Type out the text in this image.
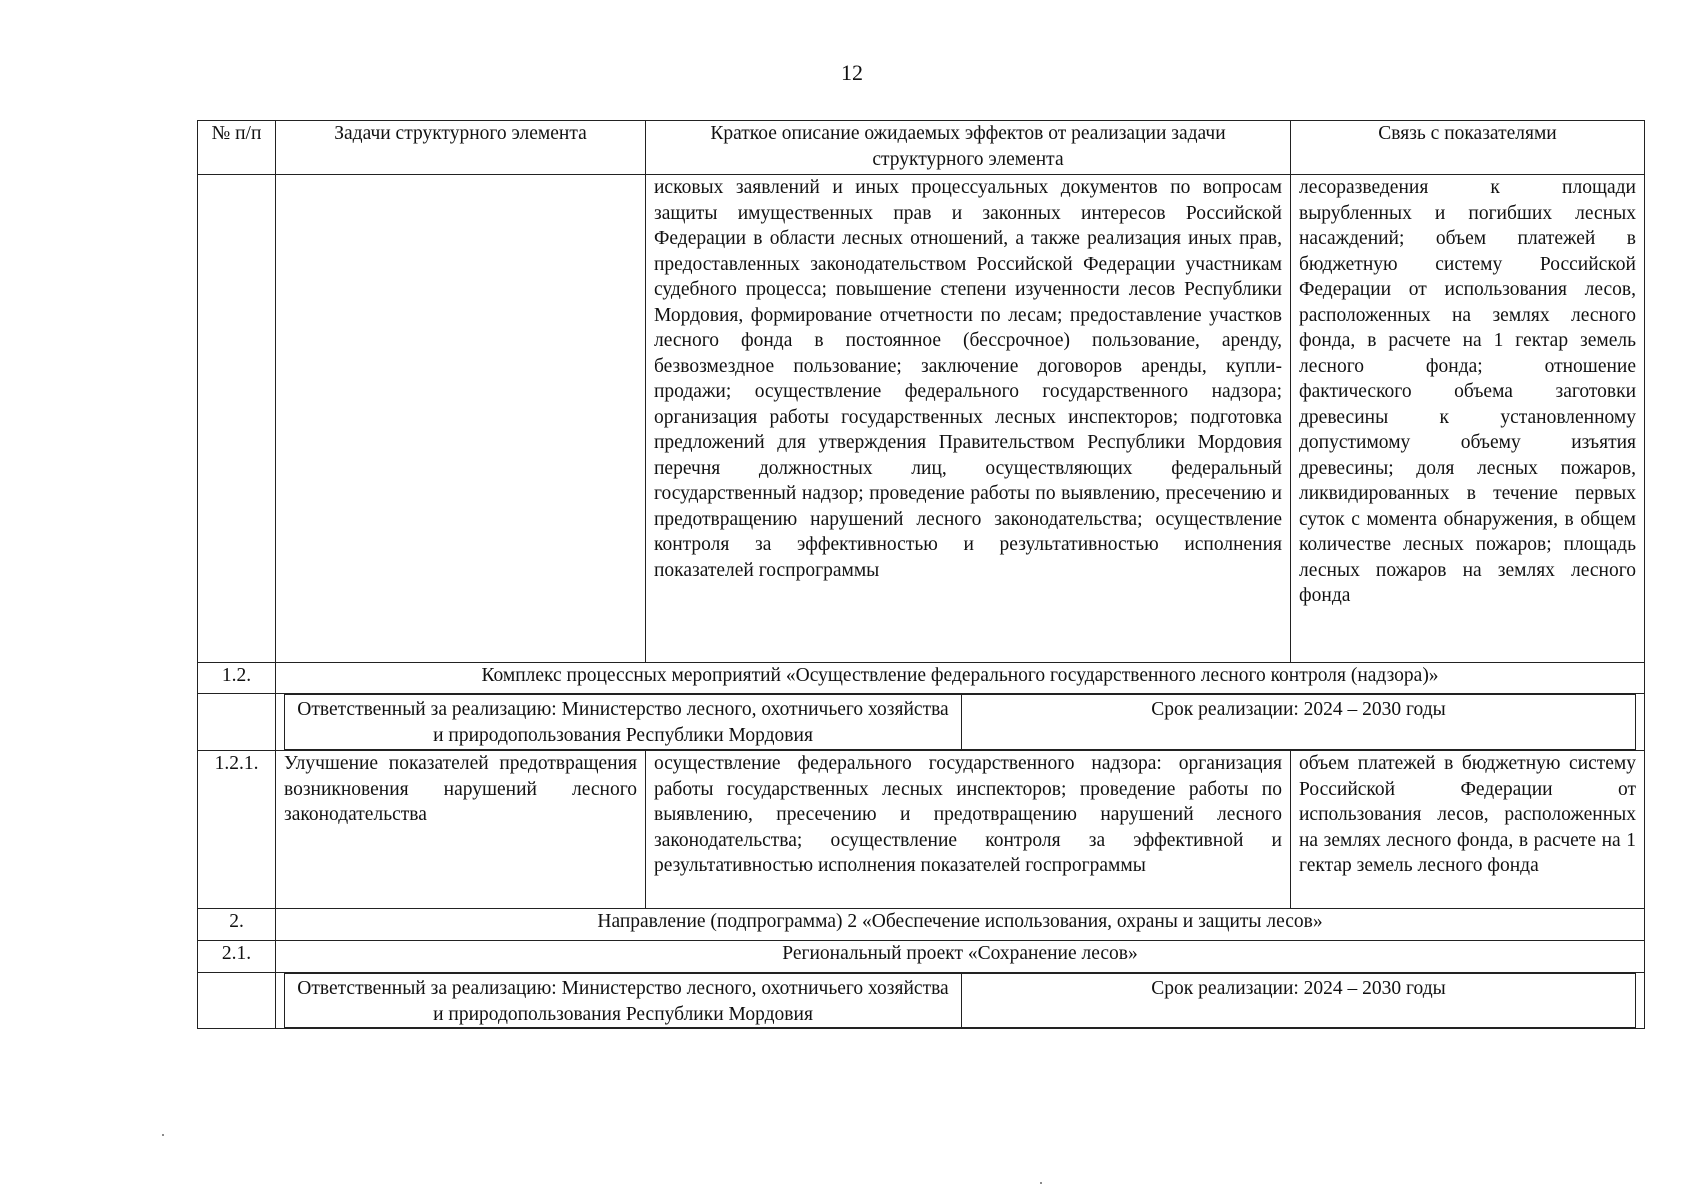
12
№ п/п	Задачи структурного элемента	Краткое описание ожидаемых эффектов от реализации задачи структурного элемента	Связь с показателями
		исковых заявлений и иных процессуальных документов по вопросам защиты имущественных прав и законных интересов Российской Федерации в области лесных отношений, а также реализация иных прав, предоставленных законодательством Российской Федерации участникам судебного процесса; повышение степени изученности лесов Республики Мордовия, формирование отчетности по лесам; предоставление участков лесного фонда в постоянное (бессрочное) пользование, аренду, безвозмездное пользование; заключение договоров аренды, купли-продажи; осуществление федерального государственного надзора; организация работы государственных лесных инспекторов; подготовка предложений для утверждения Правительством Республики Мордовия перечня должностных лиц, осуществляющих федеральный государственный надзор; проведение работы по выявлению, пресечению и предотвращению нарушений лесного законодательства; осуществление контроля за эффективностью и результативностью исполнения показателей госпрограммы	лесоразведения к площади вырубленных и погибших лесных насаждений; объем платежей в бюджетную систему Российской Федерации от использования лесов, расположенных на землях лесного фонда, в расчете на 1 гектар земель лесного фонда; отношение фактического объема заготовки древесины к установленному допустимому объему изъятия древесины; доля лесных пожаров, ликвидированных в течение первых суток с момента обнаружения, в общем количестве лесных пожаров; площадь лесных пожаров на землях лесного фонда
1.2.	Комплекс процессных мероприятий «Осуществление федерального государственного лесного контроля (надзора)»

Ответственный за реализацию: Министерство лесного, охотничьего хозяйства и природопользования Республики Мордовия	Срок реализации: 2024 – 2030 годы

1.2.1.	Улучшение показателей предотвращения возникновения нарушений лесного законодательства	осуществление федерального государственного надзора: организация работы государственных лесных инспекторов; проведение работы по выявлению, пресечению и предотвращению нарушений лесного законодательства; осуществление контроля за эффективной и результативностью исполнения показателей госпрограммы	объем платежей в бюджетную систему Российской Федерации от использования лесов, расположенных на землях лесного фонда, в расчете на 1 гектар земель лесного фонда
2.	Направление (подпрограмма) 2 «Обеспечение использования, охраны и защиты лесов»
2.1.	Региональный проект «Сохранение лесов»

Ответственный за реализацию: Министерство лесного, охотничьего хозяйства и природопользования Республики Мордовия	Срок реализации: 2024 – 2030 годы
